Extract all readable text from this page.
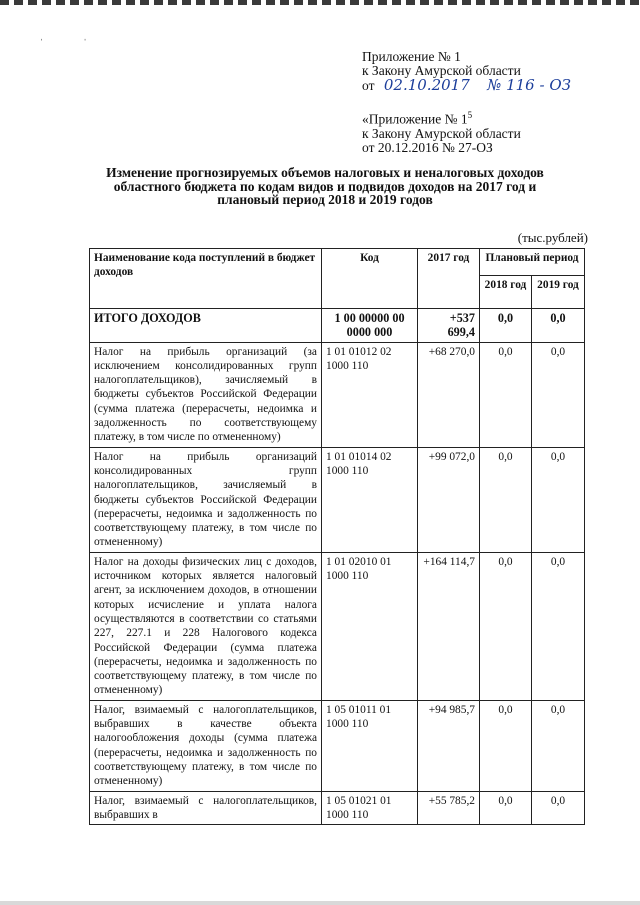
ˈ	ˈ
Приложение № 1
к Закону Амурской области
от 02.10.2017 № 116 - ОЗ
«Приложение № $1^5$
к Закону Амурской области
от 20.12.2016 № 27-ОЗ
Изменение прогнозируемых объемов налоговых и неналоговых доходов областного бюджета по кодам видов и подвидов доходов на 2017 год и плановый период 2018 и 2019 годов
(тыс.рублей)
Наименование кода поступлений в бюджет доходов	Код	2017 год	Плановый период	
			2018 год	2019 год
ИТОГО ДОХОДОВ	1 00 00000 00 0000 000	+537 699,4	0,0	0,0
Налог на прибыль организаций (за исключением консолидированных групп налогоплательщиков), зачисляемый в бюджеты субъектов Российской Федерации (сумма платежа (перерасчеты, недоимка и задолженность по соответствующему платежу, в том числе по отмененному)	1 01 01012 02 1000 110	+68 270,0	0,0	0,0
Налог на прибыль организаций консолидированных групп налогоплательщиков, зачисляемый в бюджеты субъектов Российской Федерации (перерасчеты, недоимка и задолженность по соответствующему платежу, в том числе по отмененному)	1 01 01014 02 1000 110	+99 072,0	0,0	0,0
Налог на доходы физических лиц с доходов, источником которых является налоговый агент, за исключением доходов, в отношении которых исчисление и уплата налога осуществляются в соответствии со статьями 227, 227.1 и 228 Налогового кодекса Российской Федерации (сумма платежа (перерасчеты, недоимка и задолженность по соответствующему платежу, в том числе по отмененному)	1 01 02010 01 1000 110	+164 114,7	0,0	0,0
Налог, взимаемый с налогоплательщиков, выбравших в качестве объекта налогообложения доходы (сумма платежа (перерасчеты, недоимка и задолженность по соответствующему платежу, в том числе по отмененному)	1 05 01011 01 1000 110	+94 985,7	0,0	0,0
Налог, взимаемый с налогоплательщиков, выбравших в	1 05 01021 01 1000 110	+55 785,2	0,0	0,0
